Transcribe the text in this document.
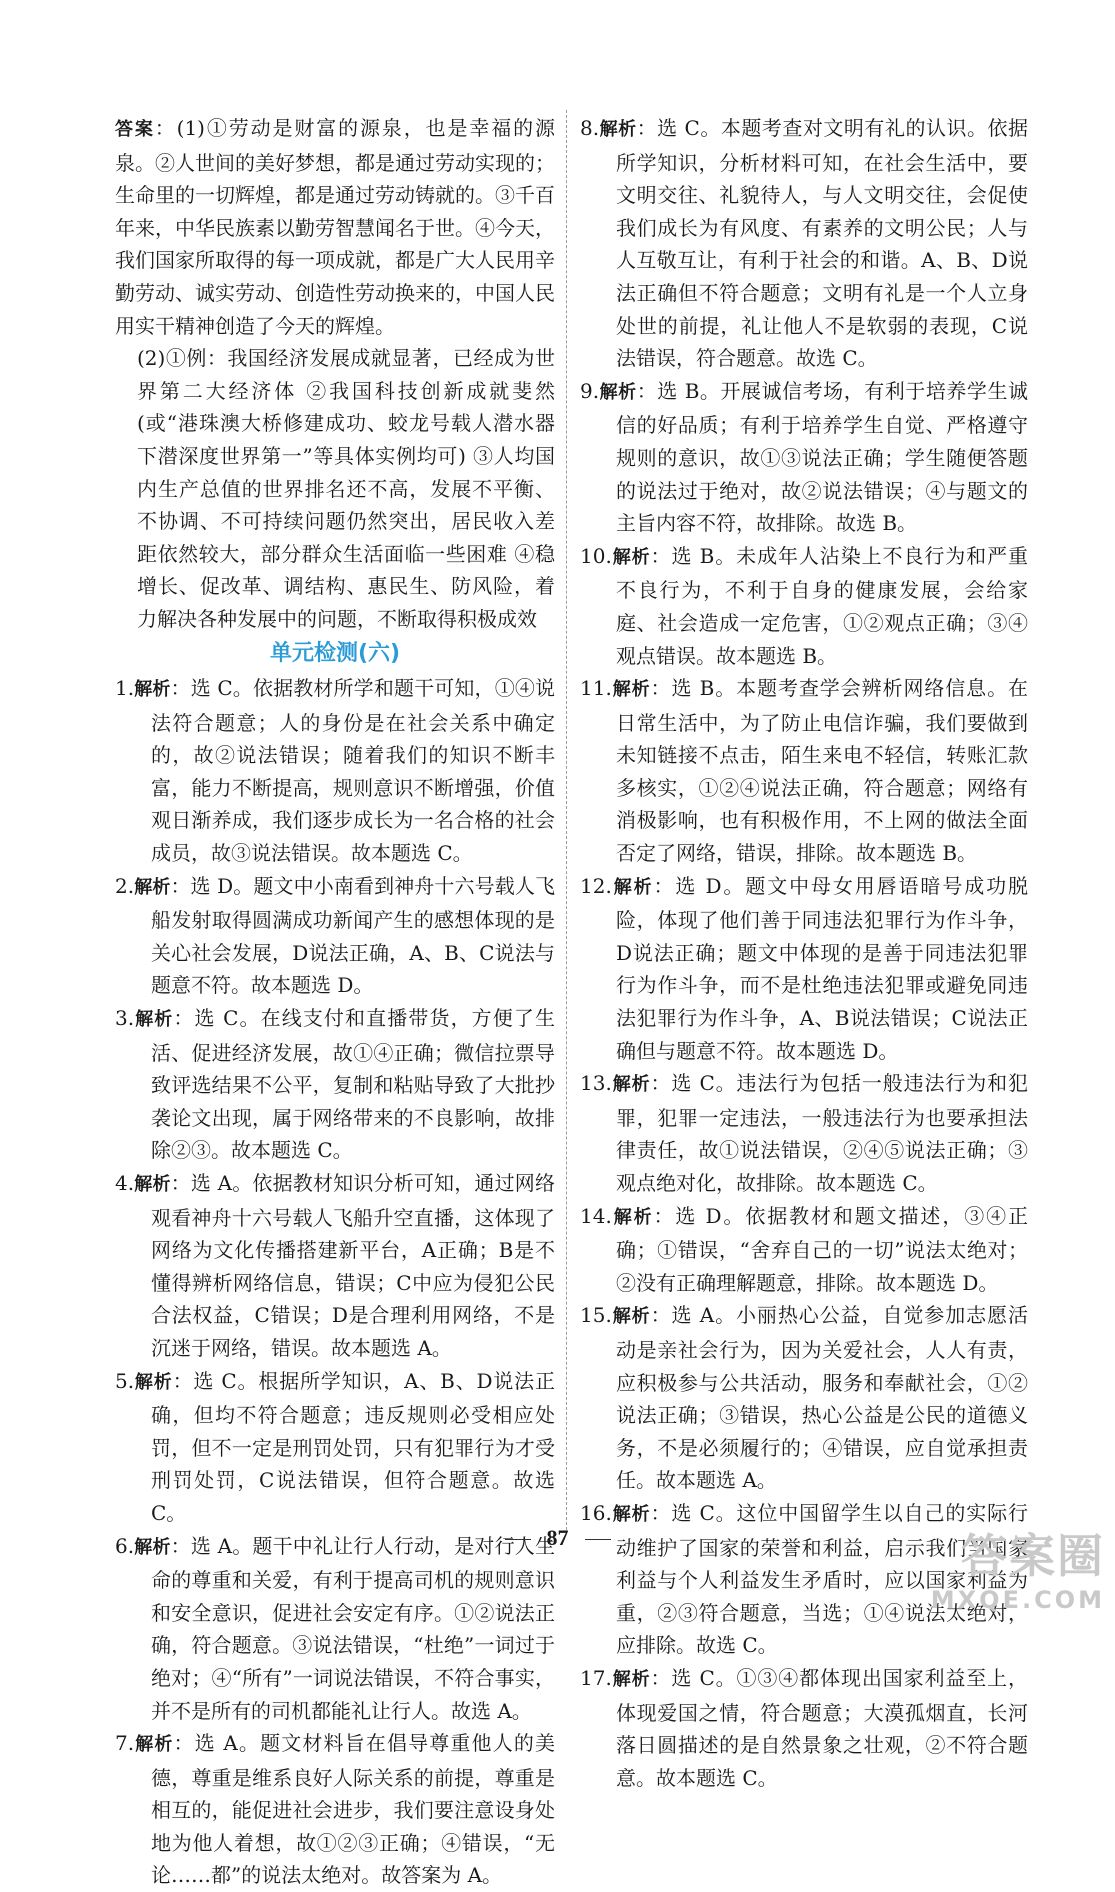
答案：(1)①劳动是财富的源泉，也是幸福的源泉。②人世间的美好梦想，都是通过劳动实现的；生命里的一切辉煌，都是通过劳动铸就的。③千百年来，中华民族素以勤劳智慧闻名于世。④今天，我们国家所取得的每一项成就，都是广大人民用辛勤劳动、诚实劳动、创造性劳动换来的，中国人民用实干精神创造了今天的辉煌。

(2)①例：我国经济发展成就显著，已经成为世界第二大经济体 ②我国科技创新成就斐然(或“港珠澳大桥修建成功、蛟龙号载人潜水器下潜深度世界第一”等具体实例均可) ③人均国内生产总值的世界排名还不高，发展不平衡、不协调、不可持续问题仍然突出，居民收入差距依然较大，部分群众生活面临一些困难 ④稳增长、促改革、调结构、惠民生、防风险，着力解决各种发展中的问题，不断取得积极成效

单元检测(六)

1.解析：选 C。依据教材所学和题干可知，①④说法符合题意；人的身份是在社会关系中确定的，故②说法错误；随着我们的知识不断丰富，能力不断提高，规则意识不断增强，价值观日渐养成，我们逐步成长为一名合格的社会成员，故③说法错误。故本题选 C。

2.解析：选 D。题文中小南看到神舟十六号载人飞船发射取得圆满成功新闻产生的感想体现的是关心社会发展，D说法正确，A、B、C说法与题意不符。故本题选 D。

3.解析：选 C。在线支付和直播带货，方便了生活、促进经济发展，故①④正确；微信拉票导致评选结果不公平，复制和粘贴导致了大批抄袭论文出现，属于网络带来的不良影响，故排除②③。故本题选 C。

4.解析：选 A。依据教材知识分析可知，通过网络观看神舟十六号载人飞船升空直播，这体现了网络为文化传播搭建新平台，A正确；B是不懂得辨析网络信息，错误；C中应为侵犯公民合法权益，C错误；D是合理利用网络，不是沉迷于网络，错误。故本题选 A。

5.解析：选 C。根据所学知识，A、B、D说法正确，但均不符合题意；违反规则必受相应处罚，但不一定是刑罚处罚，只有犯罪行为才受刑罚处罚，C说法错误，但符合题意。故选 C。

6.解析：选 A。题干中礼让行人行动，是对行人生命的尊重和关爱，有利于提高司机的规则意识和安全意识，促进社会安定有序。①②说法正确，符合题意。③说法错误，“杜绝”一词过于绝对；④“所有”一词说法错误，不符合事实，并不是所有的司机都能礼让行人。故选 A。

7.解析：选 A。题文材料旨在倡导尊重他人的美德，尊重是维系良好人际关系的前提，尊重是相互的，能促进社会进步，我们要注意设身处地为他人着想，故①②③正确；④错误，“无论……都”的说法太绝对。故答案为 A。

8.解析：选 C。本题考查对文明有礼的认识。依据所学知识，分析材料可知，在社会生活中，要文明交往、礼貌待人，与人文明交往，会促使我们成长为有风度、有素养的文明公民；人与人互敬互让，有利于社会的和谐。A、B、D说法正确但不符合题意；文明有礼是一个人立身处世的前提，礼让他人不是软弱的表现，C说法错误，符合题意。故选 C。

9.解析：选 B。开展诚信考场，有利于培养学生诚信的好品质；有利于培养学生自觉、严格遵守规则的意识，故①③说法正确；学生随便答题的说法过于绝对，故②说法错误；④与题文的主旨内容不符，故排除。故选 B。

10.解析：选 B。未成年人沾染上不良行为和严重不良行为，不利于自身的健康发展，会给家庭、社会造成一定危害，①②观点正确；③④观点错误。故本题选 B。

11.解析：选 B。本题考查学会辨析网络信息。在日常生活中，为了防止电信诈骗，我们要做到未知链接不点击，陌生来电不轻信，转账汇款多核实，①②④说法正确，符合题意；网络有消极影响，也有积极作用，不上网的做法全面否定了网络，错误，排除。故本题选 B。

12.解析：选 D。题文中母女用唇语暗号成功脱险，体现了他们善于同违法犯罪行为作斗争，D说法正确；题文中体现的是善于同违法犯罪行为作斗争，而不是杜绝违法犯罪或避免同违法犯罪行为作斗争，A、B说法错误；C说法正确但与题意不符。故本题选 D。

13.解析：选 C。违法行为包括一般违法行为和犯罪，犯罪一定违法，一般违法行为也要承担法律责任，故①说法错误，②④⑤说法正确；③观点绝对化，故排除。故本题选 C。

14.解析：选 D。依据教材和题文描述，③④正确；①错误，“舍弃自己的一切”说法太绝对；②没有正确理解题意，排除。故本题选 D。

15.解析：选 A。小丽热心公益，自觉参加志愿活动是亲社会行为，因为关爱社会，人人有责，应积极参与公共活动，服务和奉献社会，①②说法正确；③错误，热心公益是公民的道德义务，不是必须履行的；④错误，应自觉承担责任。故本题选 A。

16.解析：选 C。这位中国留学生以自己的实际行动维护了国家的荣誉和利益，启示我们当国家利益与个人利益发生矛盾时，应以国家利益为重，②③符合题意，当选；①④说法太绝对，应排除。故选 C。

17.解析：选 C。①③④都体现出国家利益至上，体现爱国之情，符合题意；大漠孤烟直，长河落日圆描述的是自然景象之壮观，②不符合题意。故本题选 C。

87	答案圈
MXQE.COM
